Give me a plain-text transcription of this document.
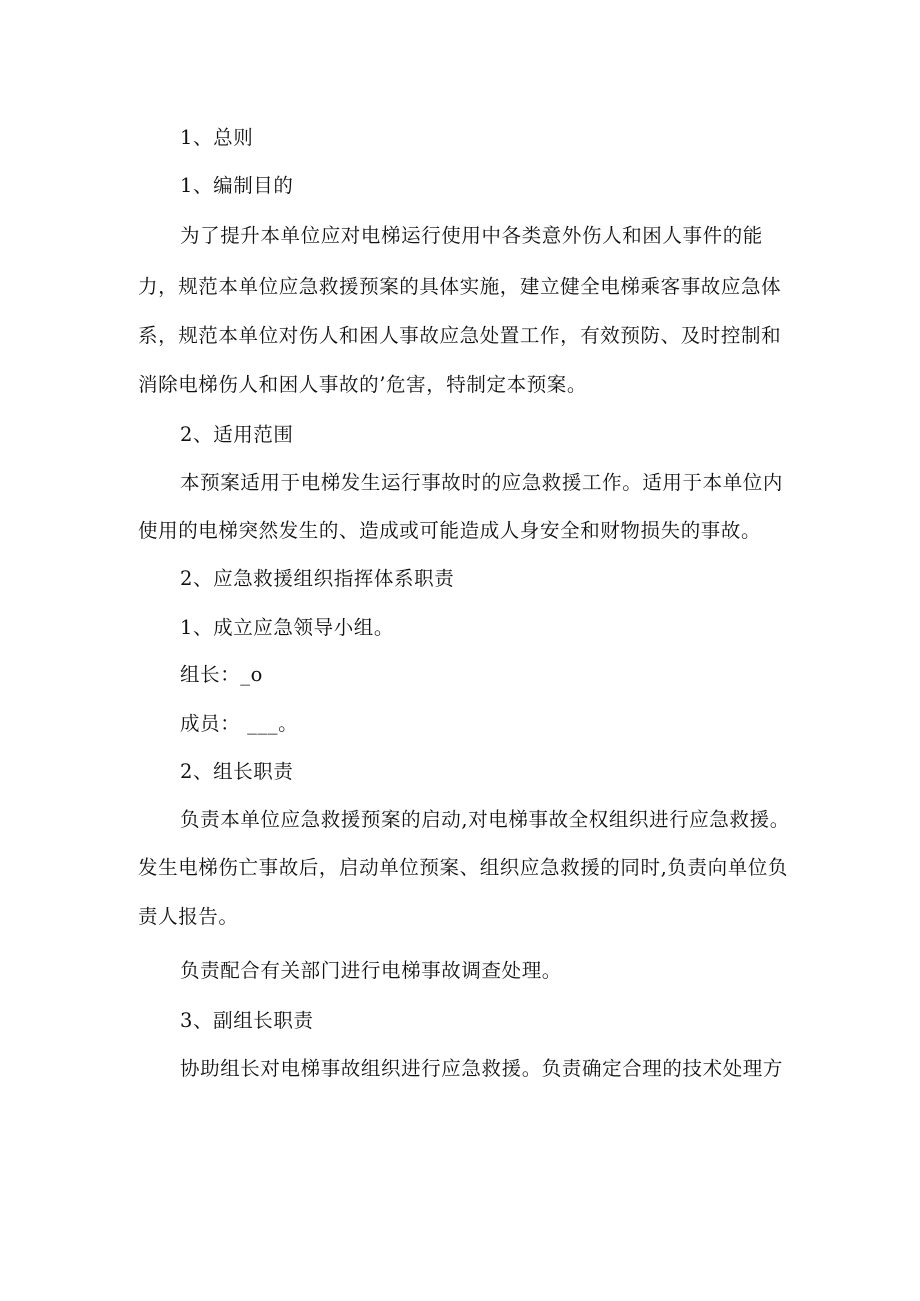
1、总则
1、编制目的
为了提升本单位应对电梯运行使用中各类意外伤人和困人事件的能
力，规范本单位应急救援预案的具体实施，建立健全电梯乘客事故应急体
系，规范本单位对伤人和困人事故应急处置工作，有效预防、及时控制和
消除电梯伤人和困人事故的’危害，特制定本预案。
2、适用范围
本预案适用于电梯发生运行事故时的应急救援工作。适用于本单位内
使用的电梯突然发生的、造成或可能造成人身安全和财物损失的事故。
2、应急救援组织指挥体系职责
1、成立应急领导小组。
组长：_o
成员： ___。
2、组长职责
负责本单位应急救援预案的启动,对电梯事故全权组织进行应急救援。
发生电梯伤亡事故后，启动单位预案、组织应急救援的同时,负责向单位负
责人报告。
负责配合有关部门进行电梯事故调查处理。
3、副组长职责
协助组长对电梯事故组织进行应急救援。负责确定合理的技术处理方
